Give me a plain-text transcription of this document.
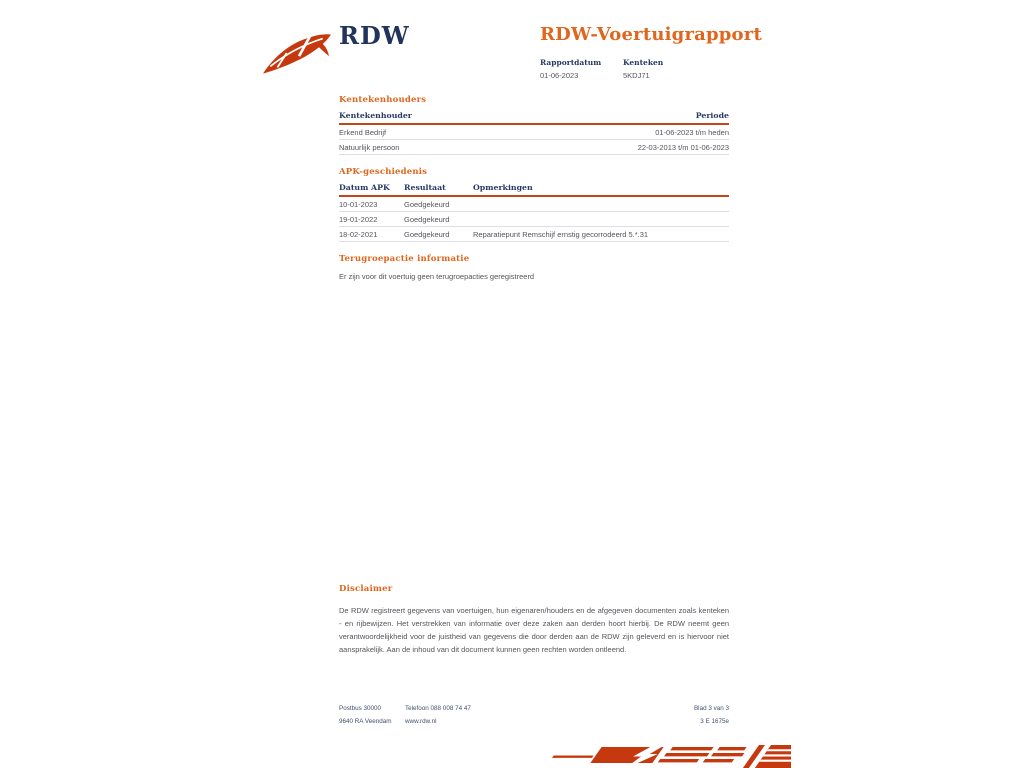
RDW	RDW-Voertuigrapport
Rapportdatum
01-06-2023
Kenteken
5KDJ71
Kentekenhouders
Kentekenhouder	Periode
Erkend Bedrijf	01-06-2023 t/m heden
Natuurlijk persoon	22-03-2013 t/m 01-06-2023
APK-geschiedenis
Datum APK	Resultaat	Opmerkingen
10-01-2023	Goedgekeurd
19-01-2022	Goedgekeurd
18-02-2021	Goedgekeurd	Reparatiepunt Remschijf ernstig gecorrodeerd 5.*.31
Terugroepactie informatie
Er zijn voor dit voertuig geen terugroepacties geregistreerd
Disclaimer
De RDW registreert gegevens van voertuigen, hun eigenaren/houders en de afgegeven documenten zoals kenteken - en rijbewijzen. Het verstrekken van informatie over deze zaken aan derden hoort hierbij. De RDW neemt geen verantwoordelijkheid voor de juistheid van gegevens die door derden aan de RDW zijn geleverd en is hiervoor niet aansprakelijk. Aan de inhoud van dit document kunnen geen rechten worden ontleend.
Postbus 30000
9640 RA Veendam
Telefoon 088 008 74 47
www.rdw.nl
Blad 3 van 3
3 E 1675e
